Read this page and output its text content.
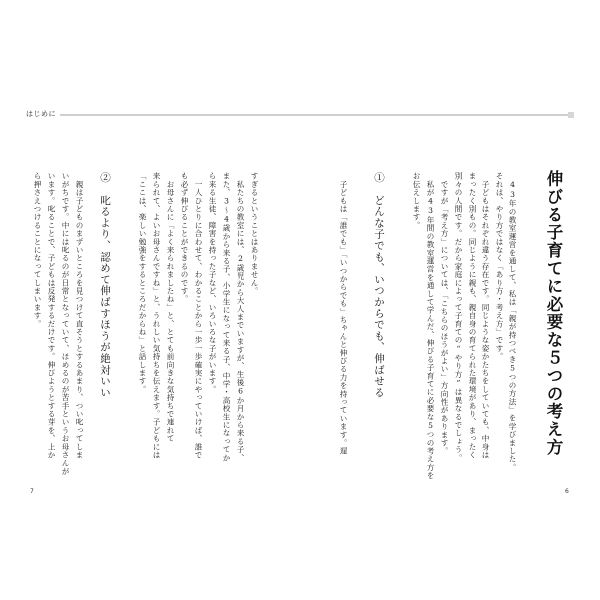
はじめに
伸びる子育てに必要な５つの考え方
　43年の教室運営を通して、私は「親が持つべき5つの方法」を学びました。
それは、やり方ではなく「あり方・考え方」です。
　子どもはそれぞれ違う存在です。同じような姿かたちをしていても、中身は
まったく別もの。同じように親も、親自身の育てられた環境があり、まったく
別々の人間です。だから家庭によって子育ての“やり方”は異なるでしょう。
　ですが「考え方」については、「こちらのほうがよい」方向性があります。
　私が43年間の教室運営を通して学んだ、伸びる子育てに必要な5つの考え方を
お伝えします。
①　どんな子でも、いつからでも、伸ばせる
　子どもは「誰でも」「いつからでも」ちゃんと伸びる力を持っています。遅
すぎるということはありません。
　私たちの教室には、2歳児から大人までいますが、生後6か月から来る子、
また、3～4歳から来る子、小学生になって来る子、中学・高校生になってか
ら来る生徒、障害を持った子など、いろいろな子がいます。
　一人ひとりに合わせて、わかることから一歩一歩確実にやっていけば、誰で
も必ず伸びることができるのです。
　お母さんに「よく来られましたね」と、とても前向きな気持ちで連れて
来られて、よいお母さんですね」と、うれしい気持ちを伝えます。子どもには
「ここは、楽しい勉強をするところだからね」と話します。
②　叱るより、認めて伸ばすほうが絶対いい
　親は子どものまずいところを見つけて直そうとするあまり、つい叱ってしま
いがちです。中には叱るのが日常となっていて、ほめるのが苦手というお母さんが
います。叱ることで、子どもは反発するだけです。伸びようとする芽を、上か
ら押さえつけることになってしまいます。
7	6
